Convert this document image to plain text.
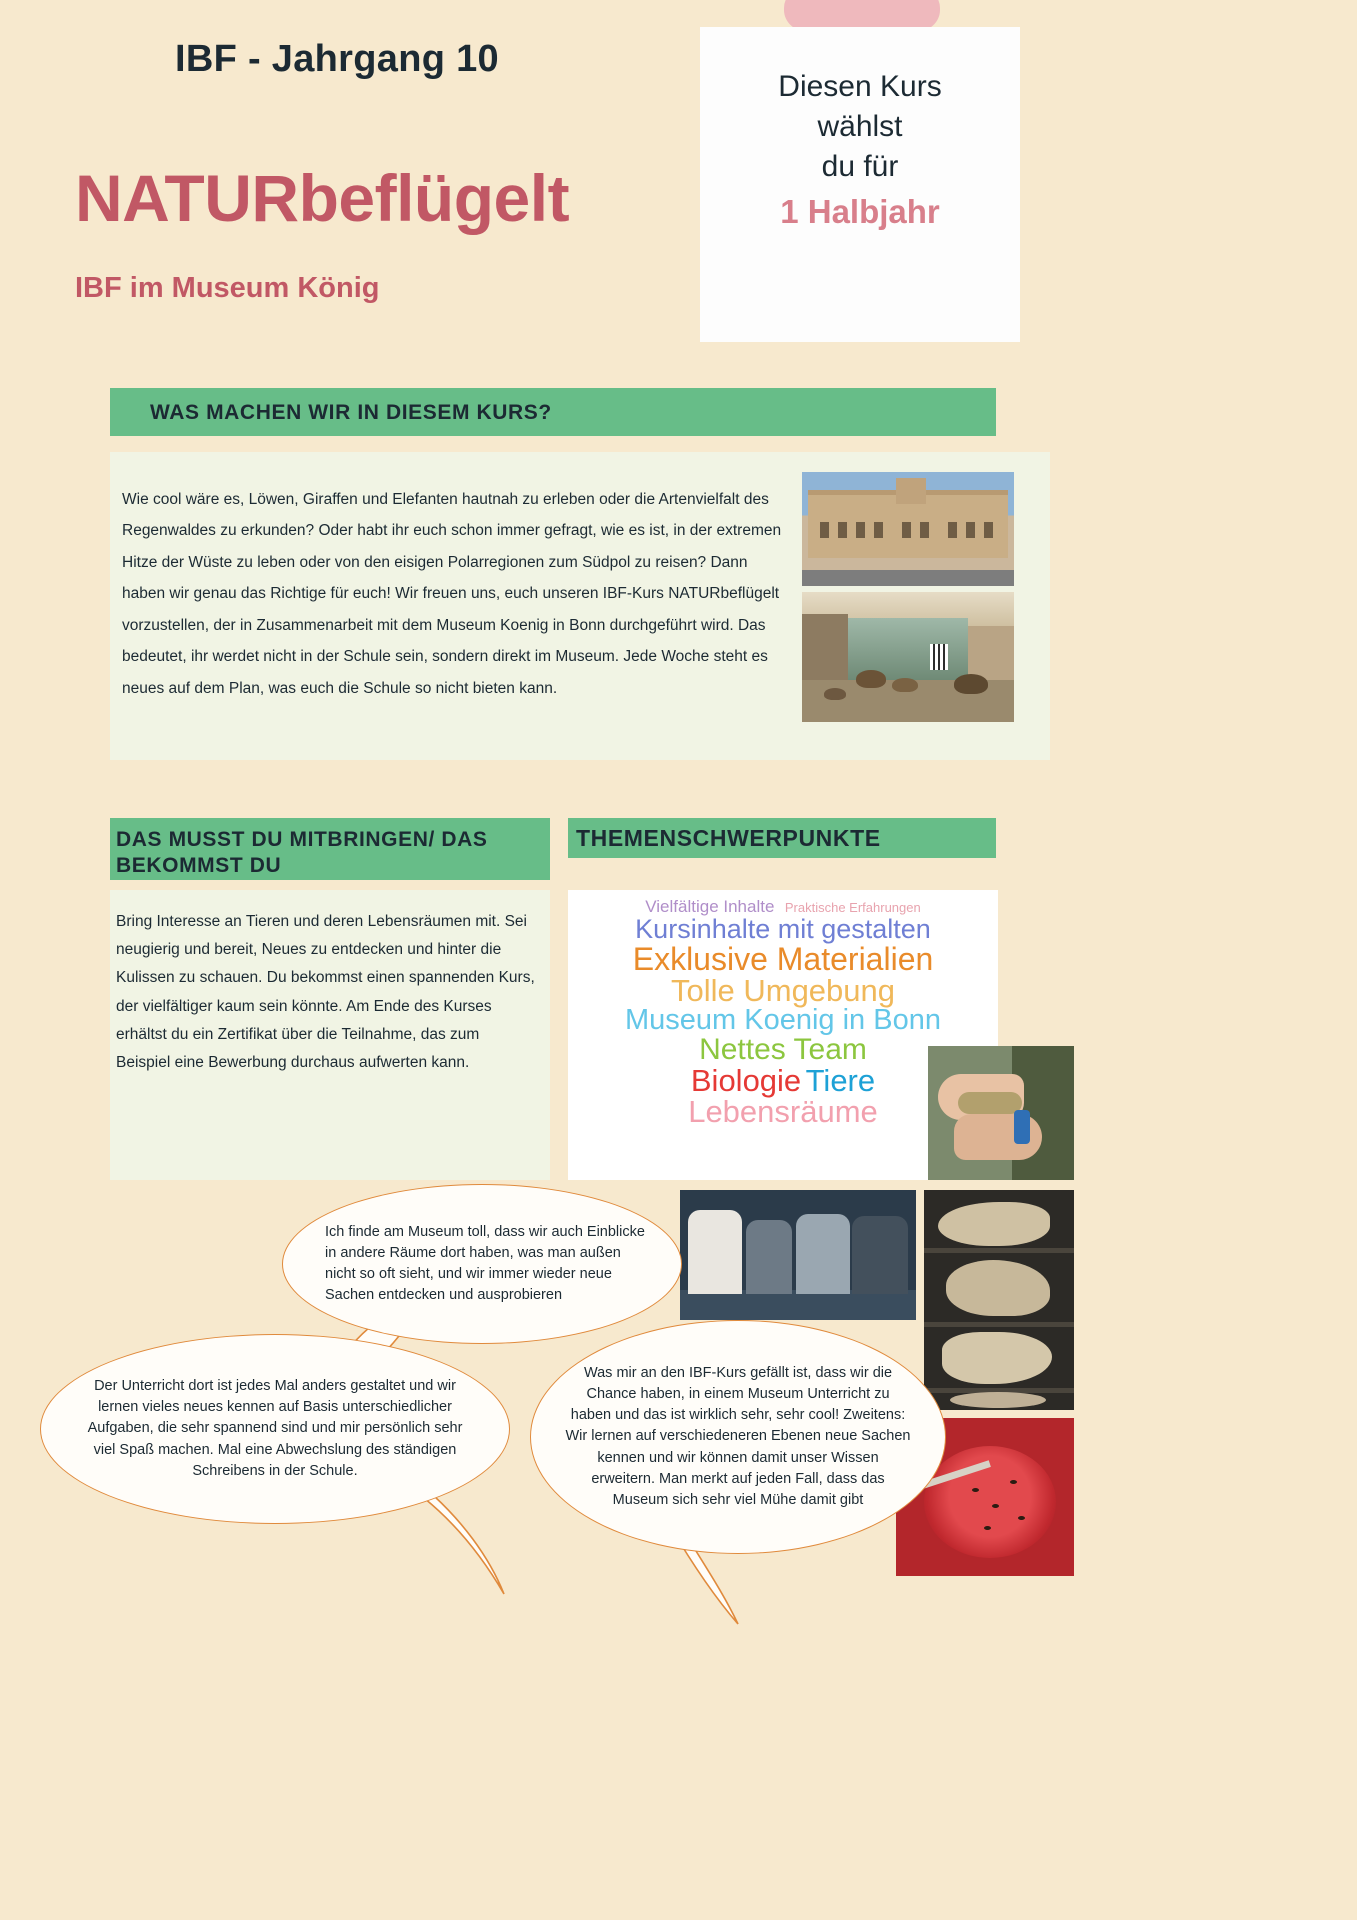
IBF - Jahrgang 10
NATURbeflügelt
IBF im Museum König
Diesen Kurs
wählst
du für
1 Halbjahr
WAS MACHEN WIR IN DIESEM KURS?
Wie cool wäre es, Löwen, Giraffen und Elefanten hautnah zu erleben oder die Artenvielfalt des Regenwaldes zu erkunden? Oder habt ihr euch schon immer gefragt, wie es ist, in der extremen Hitze der Wüste zu leben oder von den eisigen Polarregionen zum Südpol zu reisen? Dann haben wir genau das Richtige für euch! Wir freuen uns, euch unseren IBF-Kurs NATURbeflügelt vorzustellen, der in Zusammenarbeit mit dem Museum Koenig in Bonn durchgeführt wird. Das bedeutet, ihr werdet nicht in der Schule sein, sondern direkt im Museum. Jede Woche steht es neues auf dem Plan, was euch die Schule so nicht bieten kann.
DAS MUSST DU MITBRINGEN/ DAS BEKOMMST DU
THEMENSCHWERPUNKTE
Bring Interesse an Tieren und deren Lebensräumen mit. Sei neugierig und bereit, Neues zu entdecken und hinter die Kulissen zu schauen. Du bekommst einen spannenden Kurs, der vielfältiger kaum sein könnte. Am Ende des Kurses erhältst du ein Zertifikat über die Teilnahme, das zum Beispiel eine Bewerbung durchaus aufwerten kann.
Vielfältige Inhalte Praktische Erfahrungen
Kursinhalte mit gestalten
Exklusive Materialien
Tolle Umgebung
Museum Koenig in Bonn
Nettes Team
Biologie Tiere
Lebensräume
Ich finde am Museum toll, dass wir auch Einblicke in andere Räume dort haben, was man außen nicht so oft sieht, und wir immer wieder neue Sachen entdecken und ausprobieren
Der Unterricht dort ist jedes Mal anders gestaltet und wir lernen vieles neues kennen auf Basis unterschiedlicher Aufgaben, die sehr spannend sind und mir persönlich sehr viel Spaß machen. Mal eine Abwechslung des ständigen Schreibens in der Schule.
Was mir an den IBF-Kurs gefällt ist, dass wir die Chance haben, in einem Museum Unterricht zu haben und das ist wirklich sehr, sehr cool! Zweitens: Wir lernen auf verschiedeneren Ebenen neue Sachen kennen und wir können damit unser Wissen erweitern. Man merkt auf jeden Fall, dass das Museum sich sehr viel Mühe damit gibt
